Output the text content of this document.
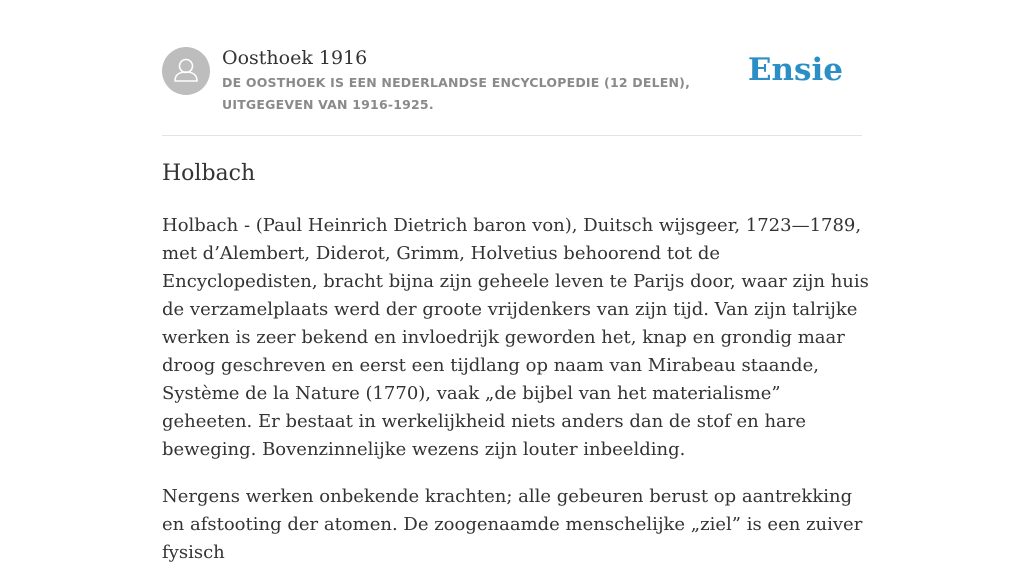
Oosthoek 1916
DE OOSTHOEK IS EEN NEDERLANDSE ENCYCLOPEDIE (12 DELEN), UITGEGEVEN VAN 1916-1925.
Ensie
Holbach

Holbach - (Paul Heinrich Dietrich baron von), Duitsch wijsgeer, 1723—1789, met d’Alembert, Diderot, Grimm, Holvetius behoorend tot de Encyclopedisten, bracht bijna zijn geheele leven te Parijs door, waar zijn huis de verzamelplaats werd der groote vrijdenkers van zijn tijd. Van zijn talrijke werken is zeer bekend en invloedrijk geworden het, knap en grondig maar droog geschreven en eerst een tijdlang op naam van Mirabeau staande, Système de la Nature (1770), vaak „de bijbel van het materialisme” geheeten. Er bestaat in werkelijkheid niets anders dan de stof en hare beweging. Bovenzinnelijke wezens zijn louter inbeelding.

Nergens werken onbekende krachten; alle gebeuren berust op aantrekking en afstooting der atomen. De zoogenaamde menschelijke „ziel” is een zuiver fysisch
